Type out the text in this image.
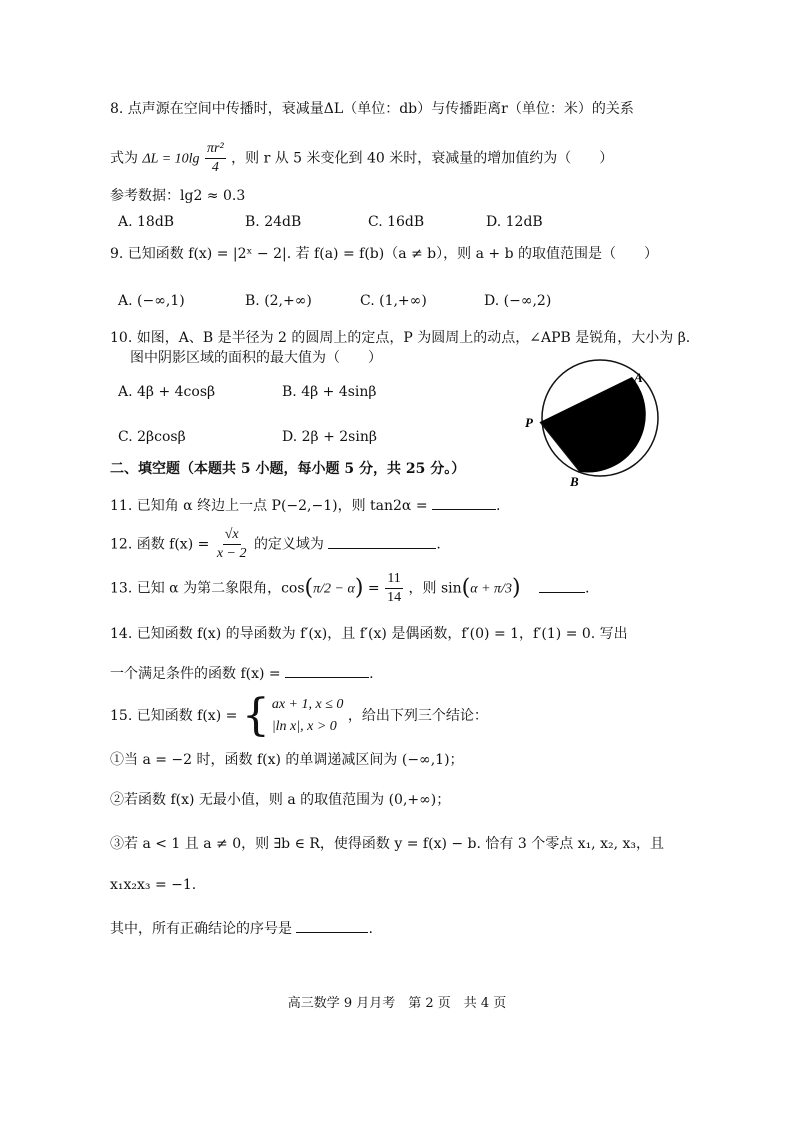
8. 点声源在空间中传播时，衰减量ΔL（单位：db）与传播距离r（单位：米）的关系
式为 $\Delta L = 10\lg \frac{\text{πr²}}{4}$ ，则 r 从 5 米变化到 40 米时，衰减量的增加值约为（　　）
参考数据：lg2 ≈ 0.3
A. 18dB	B. 24dB	C. 16dB	D. 12dB
9. 已知函数 f(x) = |2ˣ − 2|. 若 f(a) = f(b)（a ≠ b），则 a + b 的取值范围是（　　）
A. (−∞,1)	B. (2,+∞)	C. (1,+∞)	D. (−∞,2)
10. 如图，A、B 是半径为 2 的圆周上的定点，P 为圆周上的动点，∠APB 是锐角，大小为 β.
图中阴影区域的面积的最大值为（　　）
A. 4β + 4cosβ	B. 4β + 4sinβ
C. 2βcosβ	D. 2β + 2sinβ
A
P
B
二、填空题（本题共 5 小题，每小题 5 分，共 25 分。）
11. 已知角 α 终边上一点 P(−2,−1)，则 tan2α =	.
12. 函数 $f(x) = \frac{√x}{x - 2}$ 的定义域为	.
13. 已知 α 为第二象限角，$\cos(\pi/2 - \alpha) = \frac{11}{14}$ ，则 sin(α + π/3)	.
14. 已知函数 f(x) 的导函数为 f′(x)，且 f′(x) 是偶函数，f′(0) = 1，f′(1) = 0. 写出
一个满足条件的函数 f(x) =	.
15. 已知函数 f(x) = { ax + 1, x ≤ 0
|ln x|, x > 0
，给出下列三个结论：
①当 a = −2 时，函数 f(x) 的单调递减区间为 (−∞,1)；
②若函数 f(x) 无最小值，则 a 的取值范围为 (0,+∞)；
③若 a < 1 且 a ≠ 0，则 ∃b ∈ R，使得函数 y = f(x) − b. 恰有 3 个零点 x₁, x₂, x₃，且
x₁x₂x₃ = −1.
其中，所有正确结论的序号是	.
高三数学 9 月月考　第 2 页　共 4 页
